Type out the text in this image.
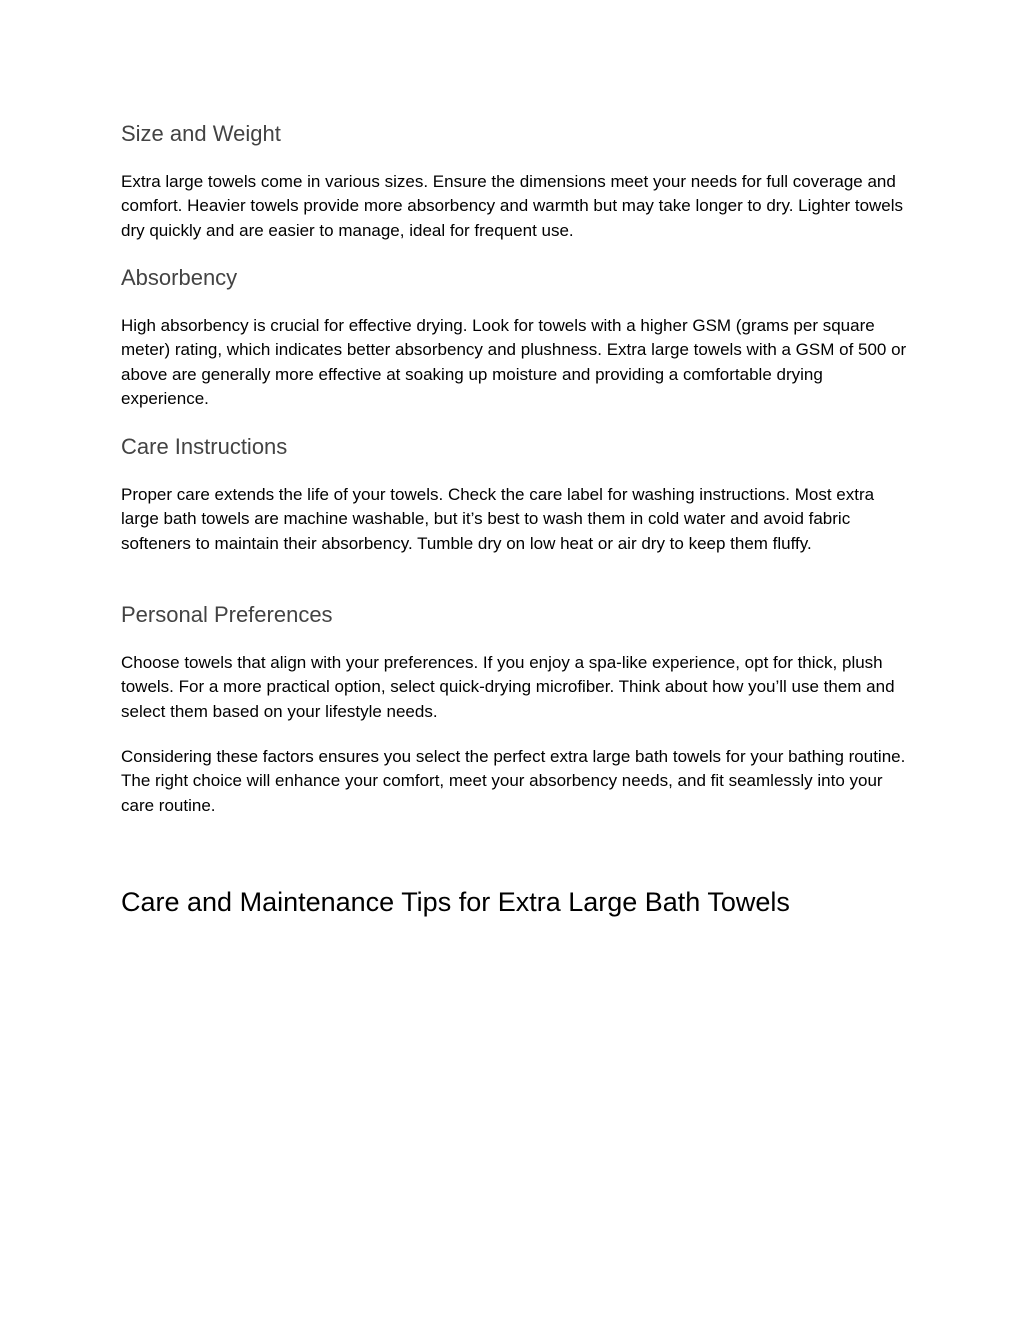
Size and Weight

Extra large towels come in various sizes. Ensure the dimensions meet your needs for full coverage and comfort. Heavier towels provide more absorbency and warmth but may take longer to dry. Lighter towels dry quickly and are easier to manage, ideal for frequent use.

Absorbency

High absorbency is crucial for effective drying. Look for towels with a higher GSM (grams per square meter) rating, which indicates better absorbency and plushness. Extra large towels with a GSM of 500 or above are generally more effective at soaking up moisture and providing a comfortable drying experience.

Care Instructions

Proper care extends the life of your towels. Check the care label for washing instructions. Most extra large bath towels are machine washable, but it’s best to wash them in cold water and avoid fabric softeners to maintain their absorbency. Tumble dry on low heat or air dry to keep them fluffy.

Personal Preferences

Choose towels that align with your preferences. If you enjoy a spa-like experience, opt for thick, plush towels. For a more practical option, select quick-drying microfiber. Think about how you’ll use them and select them based on your lifestyle needs.

Considering these factors ensures you select the perfect extra large bath towels for your bathing routine. The right choice will enhance your comfort, meet your absorbency needs, and fit seamlessly into your care routine.

Care and Maintenance Tips for Extra Large Bath Towels
